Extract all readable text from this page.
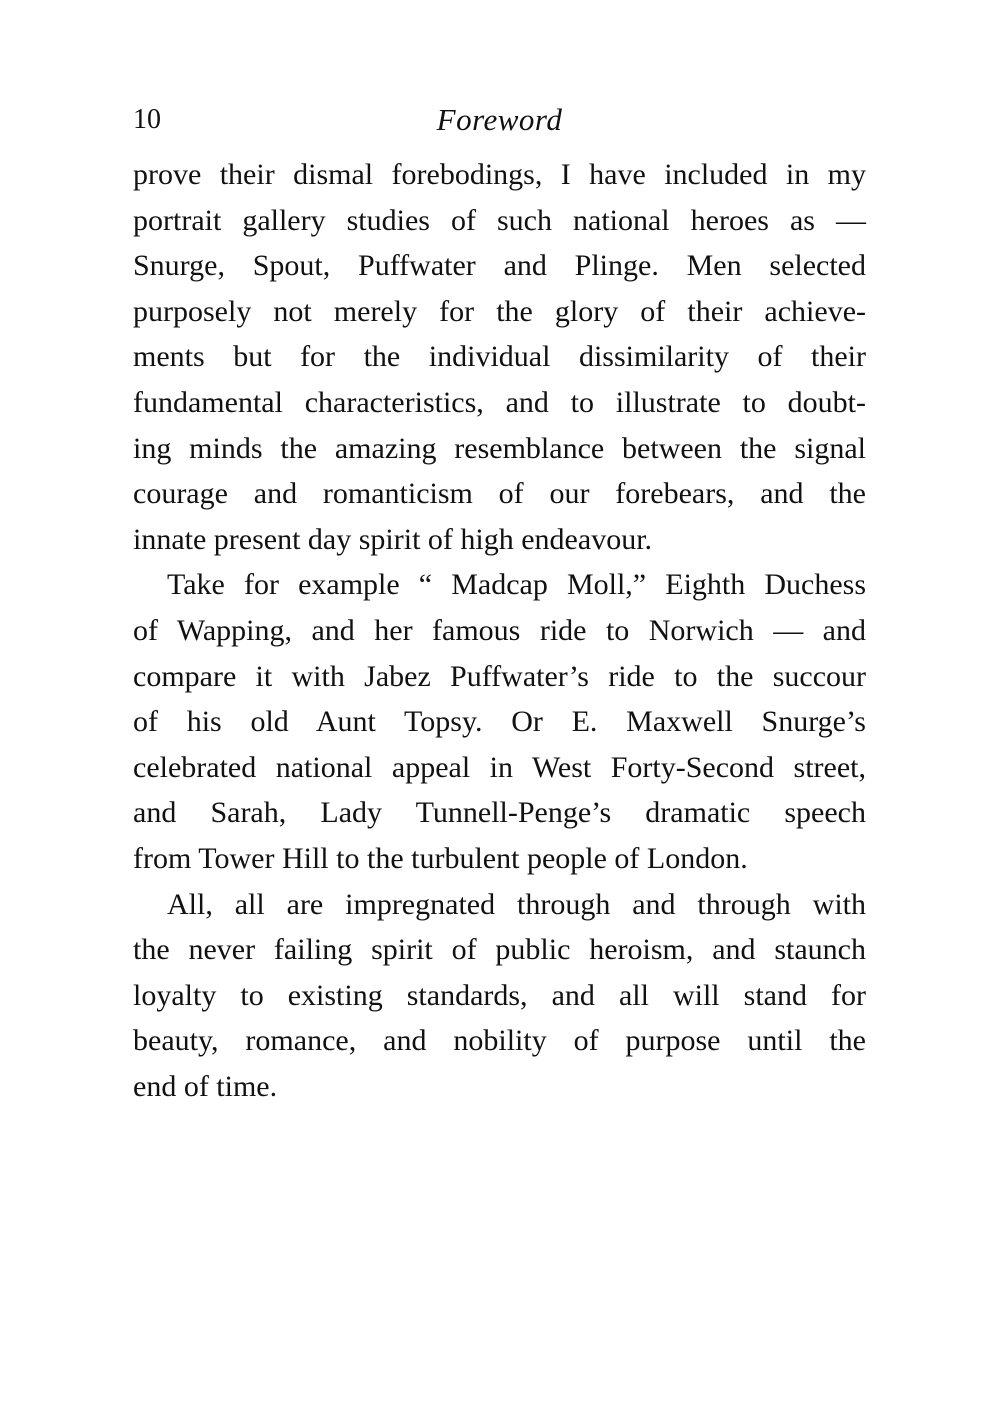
10	Foreword
prove their dismal forebodings, I have included in my
portrait gallery studies of such national heroes as —
Snurge, Spout, Puffwater and Plinge. Men selected
purposely not merely for the glory of their achieve-
ments but for the individual dissimilarity of their
fundamental characteristics, and to illustrate to doubt-
ing minds the amazing resemblance between the signal
courage and romanticism of our forebears, and the
innate present day spirit of high endeavour.
Take for example “ Madcap Moll,” Eighth Duchess
of Wapping, and her famous ride to Norwich — and
compare it with Jabez Puffwater’s ride to the succour
of his old Aunt Topsy. Or E. Maxwell Snurge’s
celebrated national appeal in West Forty-Second street,
and Sarah, Lady Tunnell-Penge’s dramatic speech
from Tower Hill to the turbulent people of London.
All, all are impregnated through and through with
the never failing spirit of public heroism, and staunch
loyalty to existing standards, and all will stand for
beauty, romance, and nobility of purpose until the
end of time.
